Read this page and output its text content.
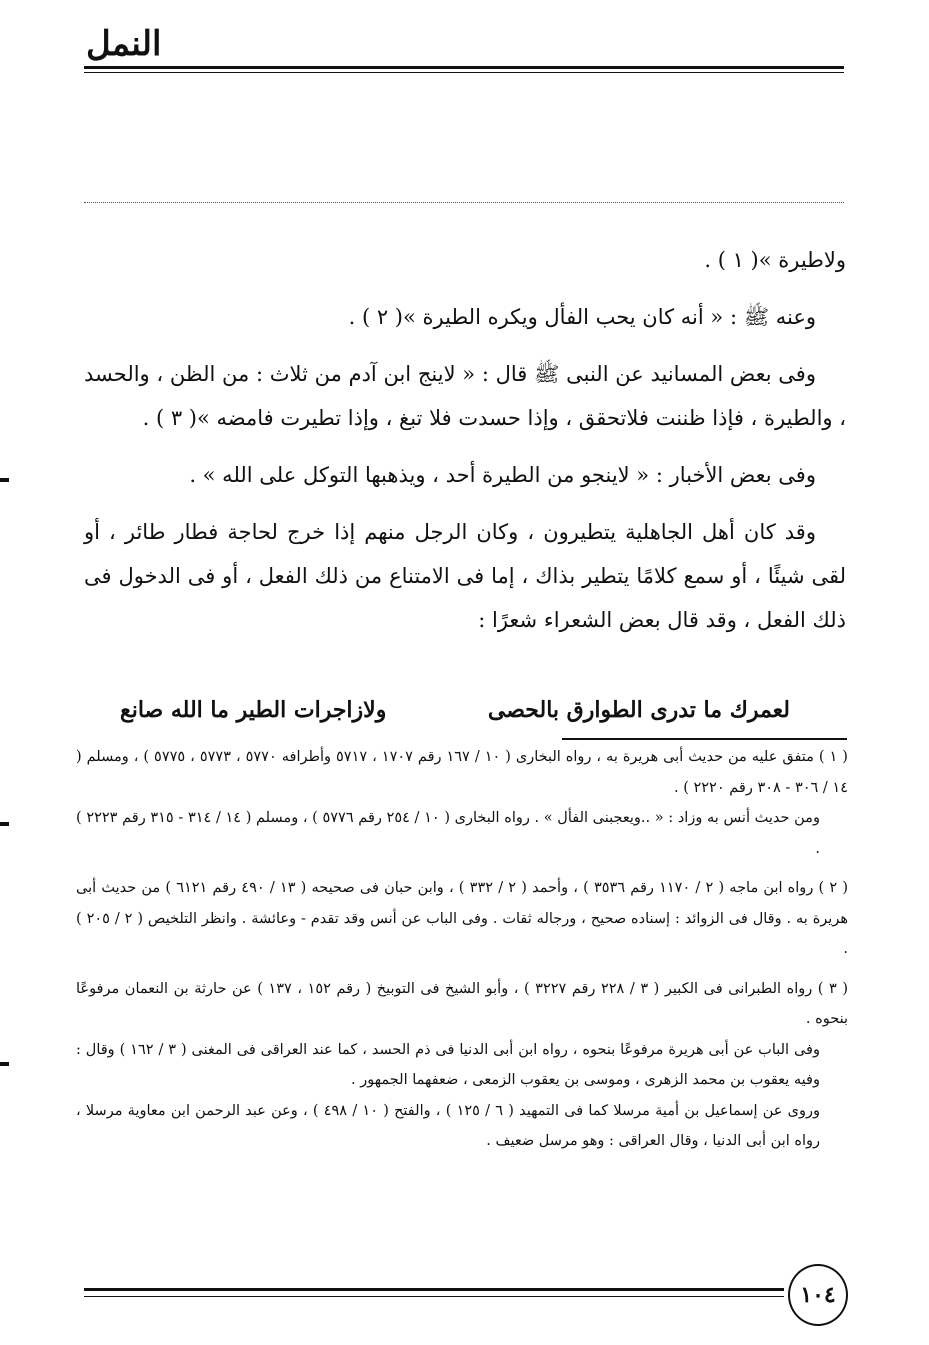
النمل

ولاطيرة »( ١ ) .

وعنه ﷺ : « أنه كان يحب الفأل ويكره الطيرة »( ٢ ) .

وفى بعض المسانيد عن النبى ﷺ قال : « لاينج ابن آدم من ثلاث : من الظن ، والحسد ، والطيرة ، فإذا ظننت فلاتحقق ، وإذا حسدت فلا تبغ ، وإذا تطيرت فامضه »( ٣ ) .

وفى بعض الأخبار : « لاينجو من الطيرة أحد ، ويذهبها التوكل على الله » .

وقد كان أهل الجاهلية يتطيرون ، وكان الرجل منهم إذا خرج لحاجة فطار طائر ، أو لقى شيئًا ، أو سمع كلامًا يتطير بذاك ، إما فى الامتناع من ذلك الفعل ، أو فى الدخول فى ذلك الفعل ، وقد قال بعض الشعراء شعرًا :

لعمرك ما تدرى الطوارق بالحصى
ولازاجرات الطير ما الله صانع

( ١ ) متفق عليه من حديث أبى هريرة به ، رواه البخارى ( ١٠ / ١٦٧ رقم ١٧٠٧ ، ٥٧١٧ وأطرافه ٥٧٧٠ ، ٥٧٧٣ ، ٥٧٧٥ ) ، ومسلم ( ١٤ / ٣٠٦ - ٣٠٨ رقم ٢٢٢٠ ) .

ومن حديث أنس به وزاد : « ..ويعجبنى الفأل » . رواه البخارى ( ١٠ / ٢٥٤ رقم ٥٧٧٦ ) ، ومسلم ( ١٤ / ٣١٤ - ٣١٥ رقم ٢٢٢٣ ) .

( ٢ ) رواه ابن ماجه ( ٢ / ١١٧٠ رقم ٣٥٣٦ ) ، وأحمد ( ٢ / ٣٣٢ ) ، وابن حبان فى صحيحه ( ١٣ / ٤٩٠ رقم ٦١٢١ ) من حديث أبى هريرة به . وقال فى الزوائد : إسناده صحيح ، ورجاله ثقات . وفى الباب عن أنس وقد تقدم - وعائشة . وانظر التلخيص ( ٢ / ٢٠٥ ) .

( ٣ ) رواه الطبرانى فى الكبير ( ٣ / ٢٢٨ رقم ٣٢٢٧ ) ، وأبو الشيخ فى التوبيخ ( رقم ١٥٢ ، ١٣٧ ) عن حارثة بن النعمان مرفوعًا بنحوه .

وفى الباب عن أبى هريرة مرفوعًا بنحوه ، رواه ابن أبى الدنيا فى ذم الحسد ، كما عند العراقى فى المغنى ( ٣ / ١٦٢ ) وقال : وفيه يعقوب بن محمد الزهرى ، وموسى بن يعقوب الزمعى ، ضعفهما الجمهور .

وروى عن إسماعيل بن أمية مرسلا كما فى التمهيد ( ٦ / ١٢٥ ) ، والفتح ( ١٠ / ٤٩٨ ) ، وعن عبد الرحمن ابن معاوية مرسلا ، رواه ابن أبى الدنيا ، وقال العراقى : وهو مرسل ضعيف .

١٠٤
